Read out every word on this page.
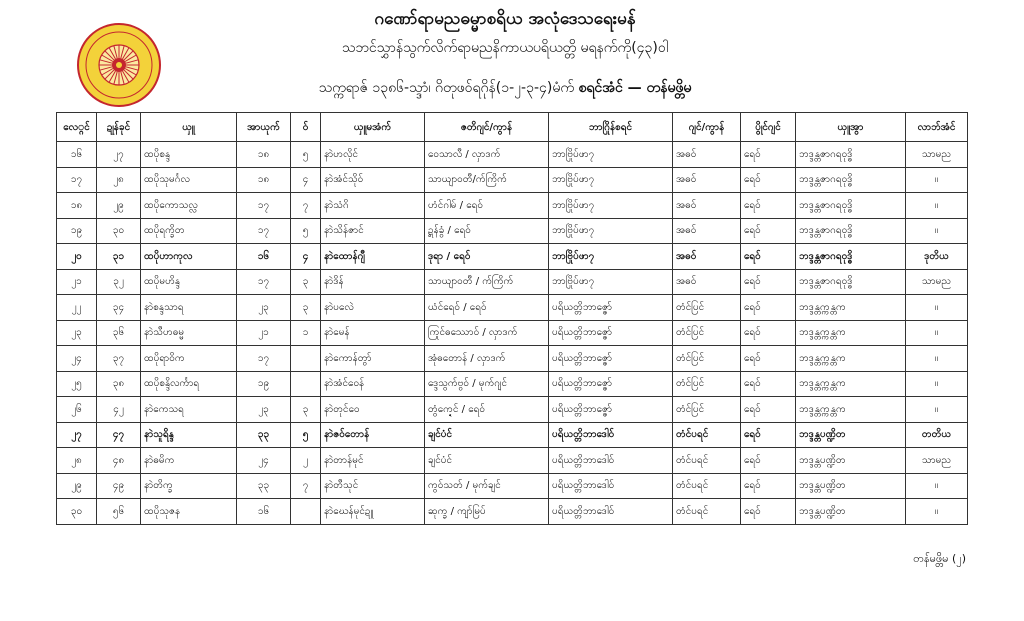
ဂဏော်ရာမညဓမ္မာစရိယ အလုံဒေသရေးမန်
သဘင်သွှာန်သွက်လိက်ရာမညနိကာယပရိယတ္တိ မရနက်ကို(၄၃)ဝါ
သက္ကရာဇ် ၁၃၈၆-သ္ဒာံ၊ ဂိတုဖဝ်ရဂိုန်(၁-၂-၃-၄)မံက် စရင်အံင် — တန်မဖ္တိမ
လေ္ဂင်	ဍုန်ခုင်	ယှူ	အာယုက်	ဝ်	ယှူမအံက်	ဇတိဂျင်/ကွာန်	ဘာဂြိုန်စရင်	ဂျင်/ကွာန်	ပွိုင်ဂျင်	ယှူအွာ	လာဘ်အံင်
၁၆	၂၇	ထပိုစန္ဒ	၁၈	၅	နာဲဟလိုင်	ဝေသာလီ / လှာဒက်	ဘာဗြိုပ်ဖာ၇	အဓဝ်	ရေဝ်	ဘဒ္ဒန္တဇာဂရဝုဒ္ဓိ	သာမည
၁၇	၂၈	ထပိုသုမင်္ဂလ	၁၈	၄	နာဲအံင်သိုဝ်	သာယျာဝတီ/က်ကြိက်	ဘာဗြိုပ်ဖာ၇	အဓဝ်	ရေဝ်	ဘဒ္ဒန္တဇာဂရဝုဒ္ဓိ	။
၁၈	၂၉	ထပိုကောသလ္လ	၁၇	၇	နာဲသံဂိ	ဟံင်ဂါမ် / ရေဝ်	ဘာဗြိုပ်ဖာ၇	အဓဝ်	ရေဝ်	ဘဒ္ဒန္တဇာဂရဝုဒ္ဓိ	။
၁၉	၃၀	ထပိုရက္ခိတ	၁၇	၅	နာဲသိန်ဇာင်	ဍွန်ခွံ / ရေဝ်	ဘာဗြိုပ်ဖာ၇	အဓဝ်	ရေဝ်	ဘဒ္ဒန္တဇာဂရဝုဒ္ဓိ	။
၂၀	၃၁	ထပိုဟာကုလ	၁၆	၄	နာဲထောန်ဂျီ	ဒုရာ / ရေဝ်	ဘာဗြိုပ်ဖာ၇	အဓဝ်	ရေဝ်	ဘဒ္ဒန္တဇာဂရဝုဒ္ဓိ	ဒုတိယ
၂၁	၃၂	ထပိုမဟိန္ဒ	၁၇	၃	နာဲဒိန်	သာယျာဝတီ / က်ကြိက်	ဘာဗြိုပ်ဖာ၇	အဓဝ်	ရေဝ်	ဘဒ္ဒန္တဇာဂရဝုဒ္ဓိ	သာမည
၂၂	၃၄	နာဲစန္ဒသာရ	၂၃	၃	နာဲပလေဲ	ယံင်ရေဝ် / ရေဝ်	ပရိယတ္တိဘာဇ္ဇော်	တံင်ပြင်	ရေဝ်	ဘဒ္ဒန္တက္ကန္တက	။
၂၃	၃၆	နာဲသီဟဓမ္မ	၂၁	၁	နာဲမေန်	ကြုင်ဓဿောဝ် / လှာဒက်	ပရိယတ္တိဘာဇ္ဇော်	တံင်ပြင်	ရေဝ်	ဘဒ္ဒန္တက္ကန္တက	။
၂၄	၃၇	ထပိုရာဝိက	၁၇		နာဲကောန်တွာ်	အုံဓတောန် / လှာဒက်	ပရိယတ္တိဘာဇ္ဇော်	တံင်ပြင်	ရေဝ်	ဘဒ္ဒန္တက္ကန္တက	။
၂၅	၃၈	ထပိုစန္ဒိလင်္ကာရ	၁၉		နာဲအံင်ဝေန်	ဒ္ဒေသွက်ဗွဝ် / မုက်ဂျင်	ပရိယတ္တိဘာဇ္ဇော်	တံင်ပြင်	ရေဝ်	ဘဒ္ဒန္တက္ကန္တက	။
၂၆	၄၂	နာဲကေသရ	၂၃	၃	နာဲတုင်ဝေ	တွံက္ဍေင် / ရေဝ်	ပရိယတ္တိဘာဇ္ဇော်	တံင်ပြင်	ရေဝ်	ဘဒ္ဒန္တက္ကန္တက	။
၂၇	၄၇	နာဲသူရိန္ဒ	၃၃	၅	နာဲဇဝ်တောန်	ချင်ပံင်	ပရိယတ္တိဘာဒေါဝ်	တံင်ပရင်	ရေဝ်	ဘဒ္ဒန္တပဏ္ဍိတ	တတိယ
၂၈	၄၈	နာဲဓမိက	၂၄	၂	နာဲတာန်မုင်	ချင်ပံင်	ပရိယတ္တိဘာဒေါဝ်	တံင်ပရင်	ရေဝ်	ဘဒ္ဒန္တပဏ္ဍိတ	သာမည
၂၉	၄၉	နာဲတိက္ခ	၃၃	၇	နာဲတီသုင်	ကွ၀်သတ် / မုက်ချင်	ပရိယတ္တိဘာဒေါဝ်	တံင်ပရင်	ရေဝ်	ဘဒ္ဒန္တပဏ္ဍိတ	။
၃၀	၅၆	ထပိုသုဇန	၁၆		နာဲဃေန်မုင်ဍူ	ဆုက္ခ / ကျာ်မြပ်	ပရိယတ္တိဘာဒေါဝ်	တံင်ပရင်	ရေဝ်	ဘဒ္ဒန္တပဏ္ဍိတ	။
တန်မဖ္တိမ (၂)
